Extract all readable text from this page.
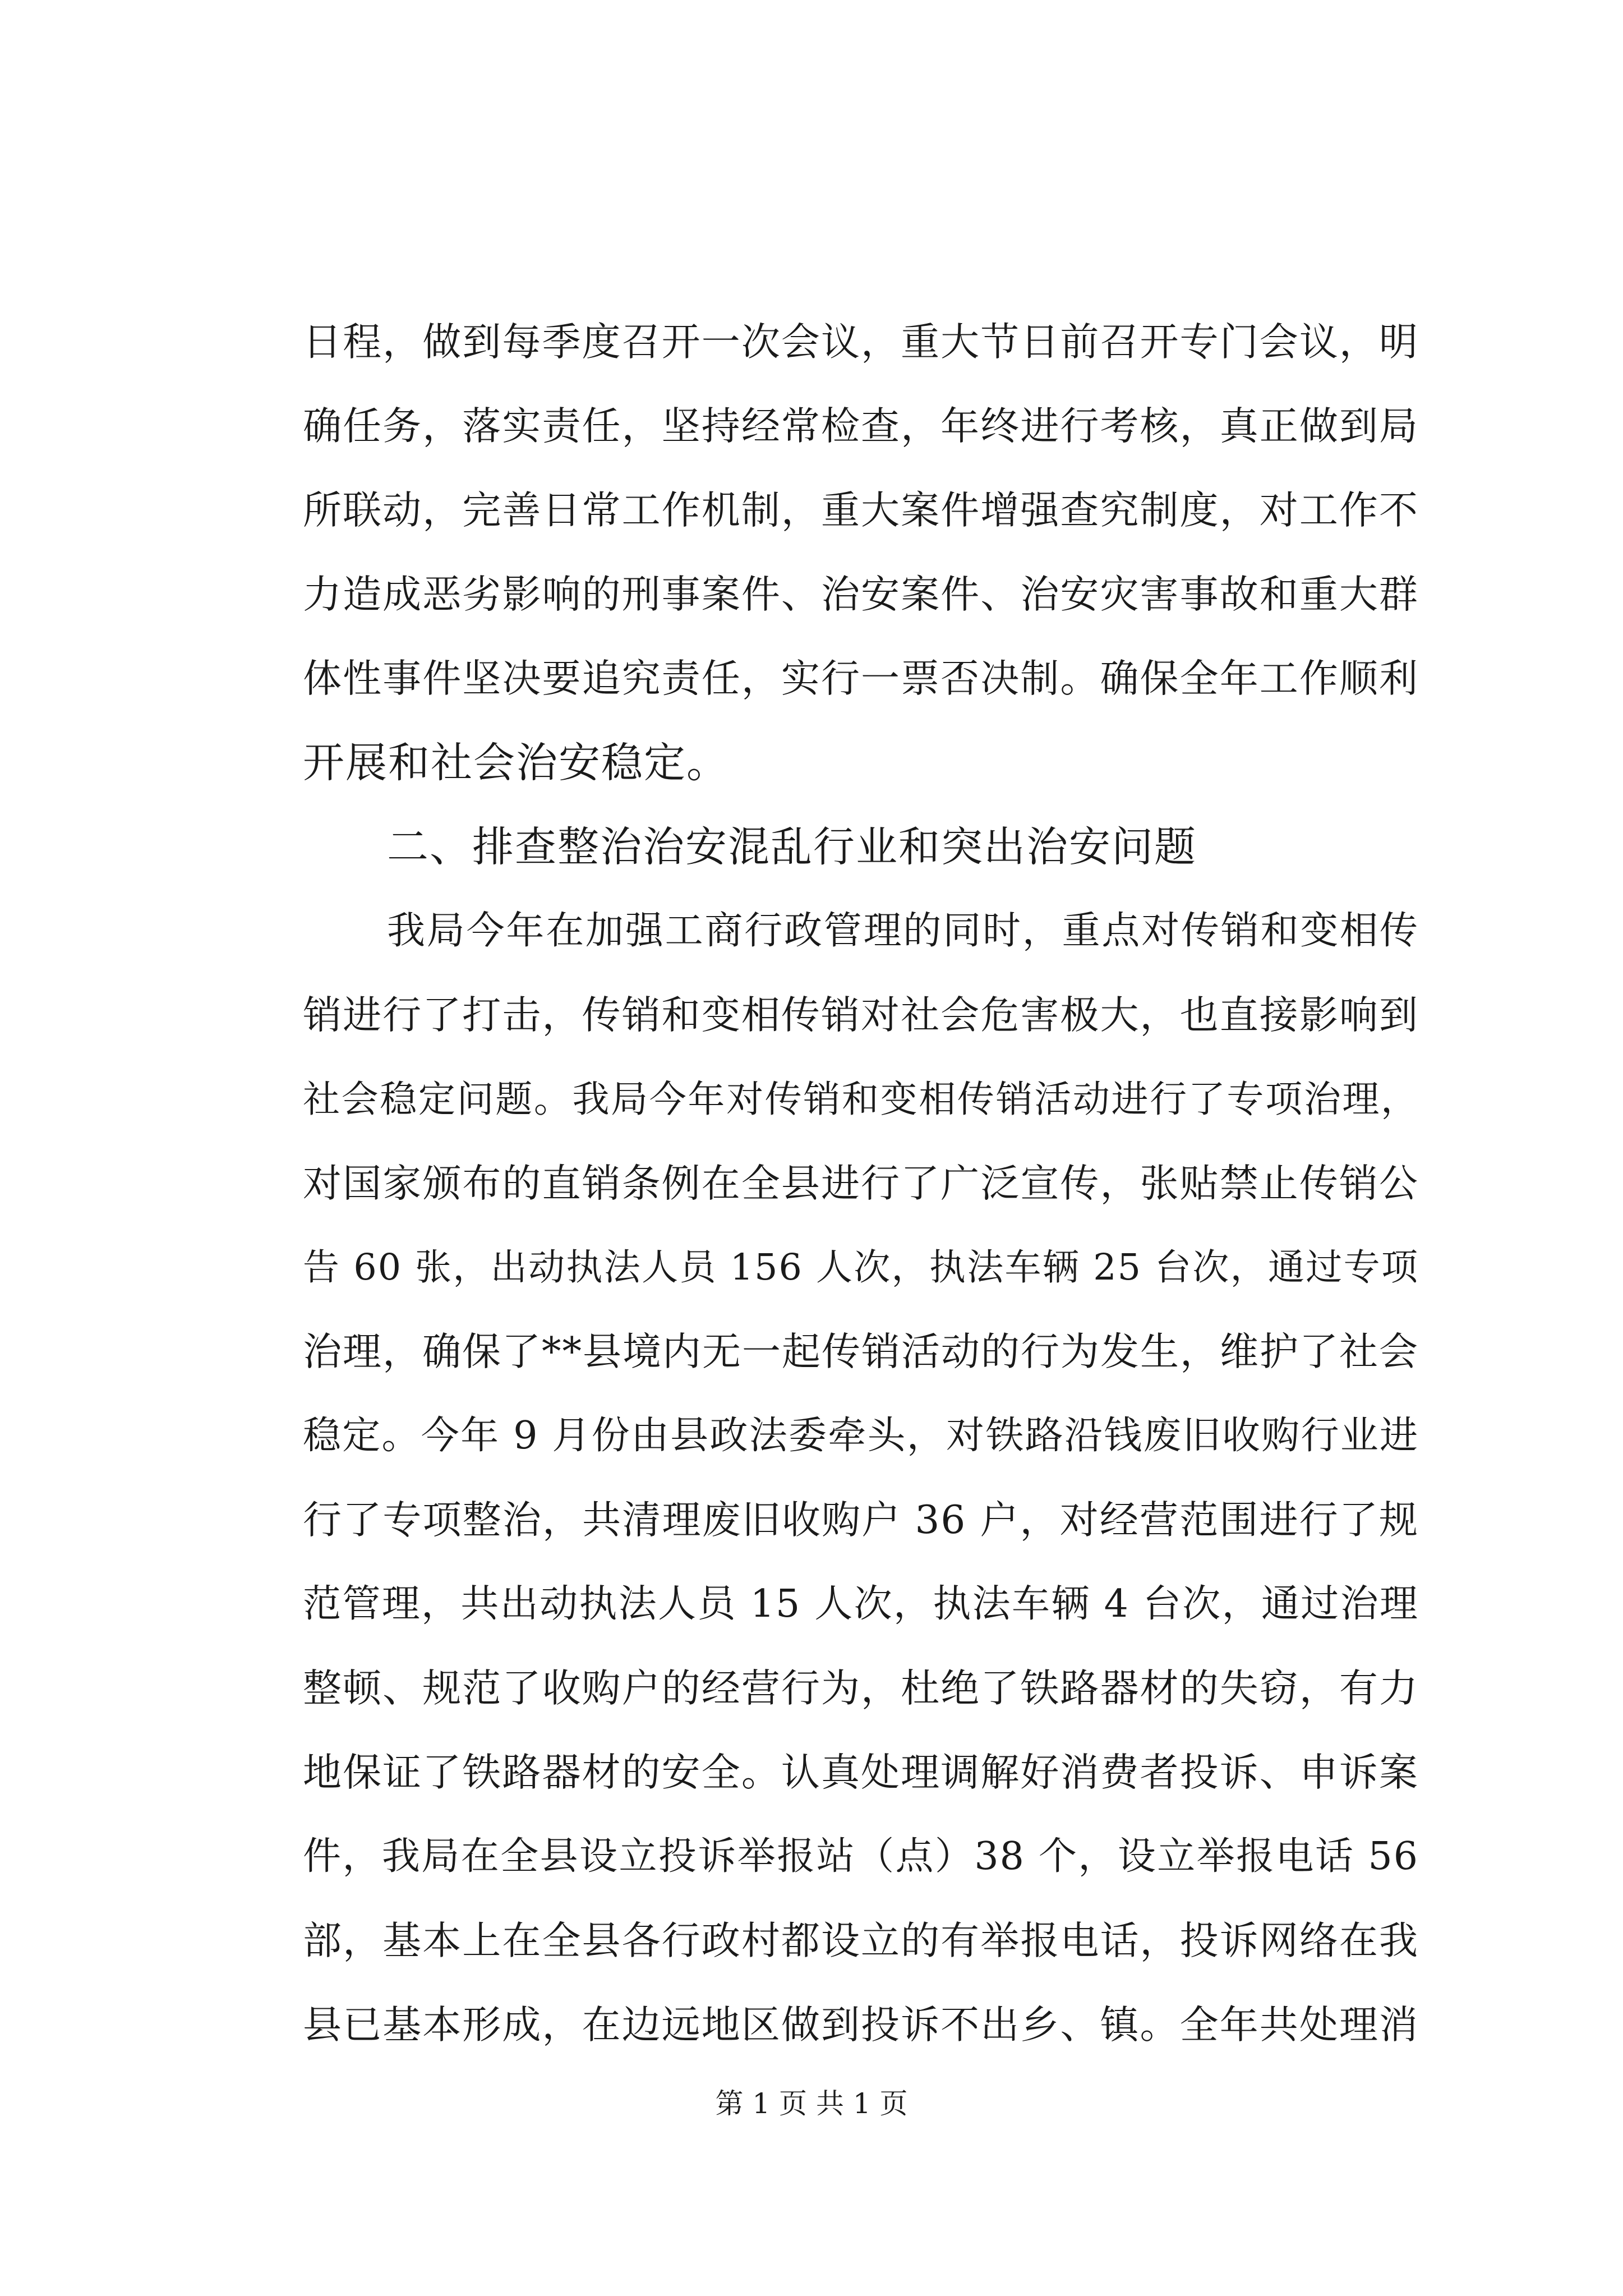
日程，做到每季度召开一次会议，重大节日前召开专门会议，明
确任务，落实责任，坚持经常检查，年终进行考核，真正做到局
所联动，完善日常工作机制，重大案件增强查究制度，对工作不
力造成恶劣影响的刑事案件、治安案件、治安灾害事故和重大群
体性事件坚决要追究责任，实行一票否决制。确保全年工作顺利
开展和社会治安稳定。
二、排查整治治安混乱行业和突出治安问题
我局今年在加强工商行政管理的同时，重点对传销和变相传
销进行了打击，传销和变相传销对社会危害极大，也直接影响到
社会稳定问题。我局今年对传销和变相传销活动进行了专项治理，
对国家颁布的直销条例在全县进行了广泛宣传，张贴禁止传销公
告 60 张，出动执法人员 156 人次，执法车辆 25 台次，通过专项
治理，确保了**县境内无一起传销活动的行为发生，维护了社会
稳定。今年 9 月份由县政法委牵头，对铁路沿钱废旧收购行业进
行了专项整治，共清理废旧收购户 36 户，对经营范围进行了规
范管理，共出动执法人员 15 人次，执法车辆 4 台次，通过治理
整顿、规范了收购户的经营行为，杜绝了铁路器材的失窃，有力
地保证了铁路器材的安全。认真处理调解好消费者投诉、申诉案
件，我局在全县设立投诉举报站（点）38 个，设立举报电话 56
部，基本上在全县各行政村都设立的有举报电话，投诉网络在我
县已基本形成，在边远地区做到投诉不出乡、镇。全年共处理消
第 1 页 共 1 页
